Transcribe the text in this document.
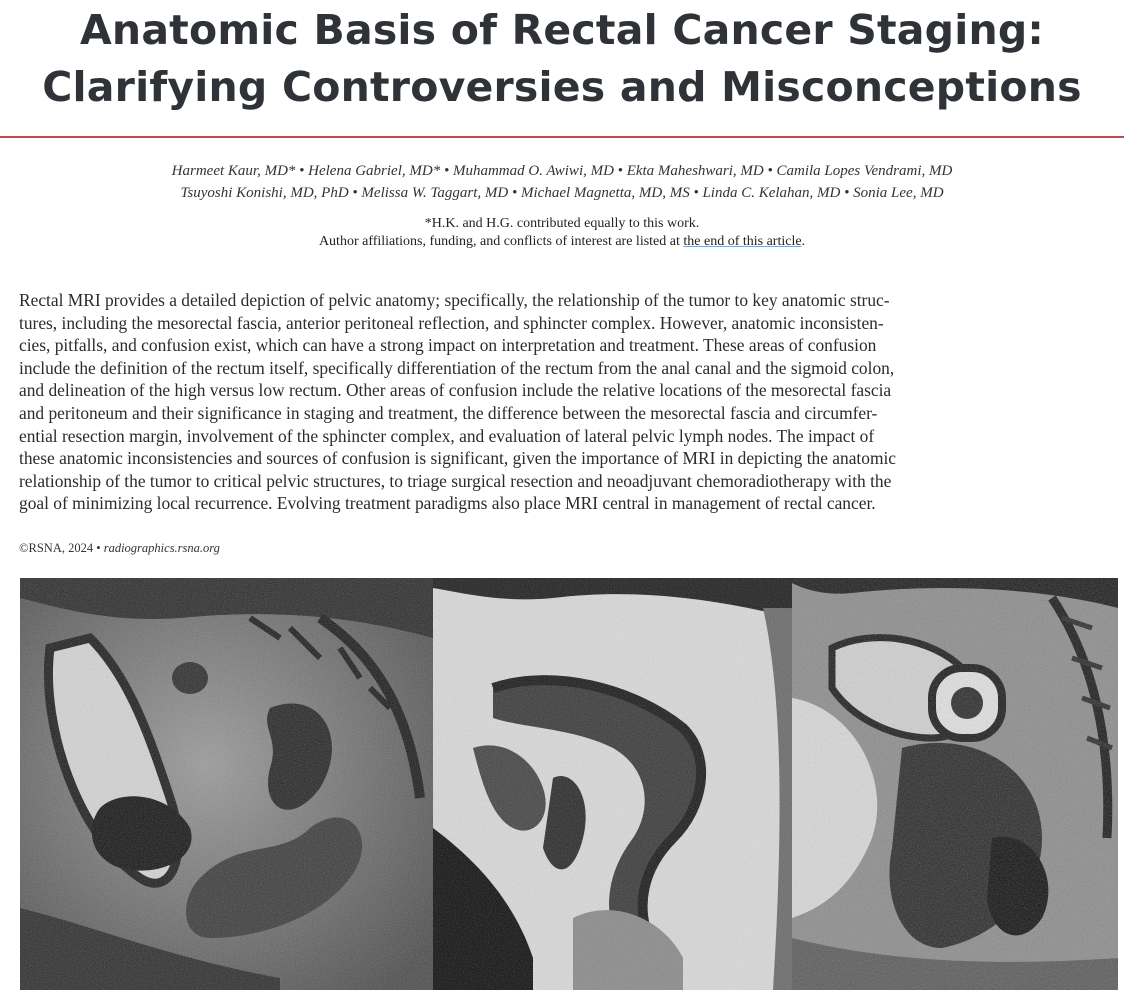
Anatomic Basis of Rectal Cancer Staging:
Clarifying Controversies and Misconceptions
Harmeet Kaur, MD* • Helena Gabriel, MD* • Muhammad O. Awiwi, MD • Ekta Maheshwari, MD • Camila Lopes Vendrami, MD
Tsuyoshi Konishi, MD, PhD • Melissa W. Taggart, MD • Michael Magnetta, MD, MS • Linda C. Kelahan, MD • Sonia Lee, MD
*H.K. and H.G. contributed equally to this work.
Author affiliations, funding, and conflicts of interest are listed at the end of this article.
Rectal MRI provides a detailed depiction of pelvic anatomy; specifically, the relationship of the tumor to key anatomic struc-
tures, including the mesorectal fascia, anterior peritoneal reflection, and sphincter complex. However, anatomic inconsisten-
cies, pitfalls, and confusion exist, which can have a strong impact on interpretation and treatment. These areas of confusion
include the definition of the rectum itself, specifically differentiation of the rectum from the anal canal and the sigmoid colon,
and delineation of the high versus low rectum. Other areas of confusion include the relative locations of the mesorectal fascia
and peritoneum and their significance in staging and treatment, the difference between the mesorectal fascia and circumfer-
ential resection margin, involvement of the sphincter complex, and evaluation of lateral pelvic lymph nodes. The impact of
these anatomic inconsistencies and sources of confusion is significant, given the importance of MRI in depicting the anatomic
relationship of the tumor to critical pelvic structures, to triage surgical resection and neoadjuvant chemoradiotherapy with the
goal of minimizing local recurrence. Evolving treatment paradigms also place MRI central in management of rectal cancer.
©RSNA, 2024 • radiographics.rsna.org
